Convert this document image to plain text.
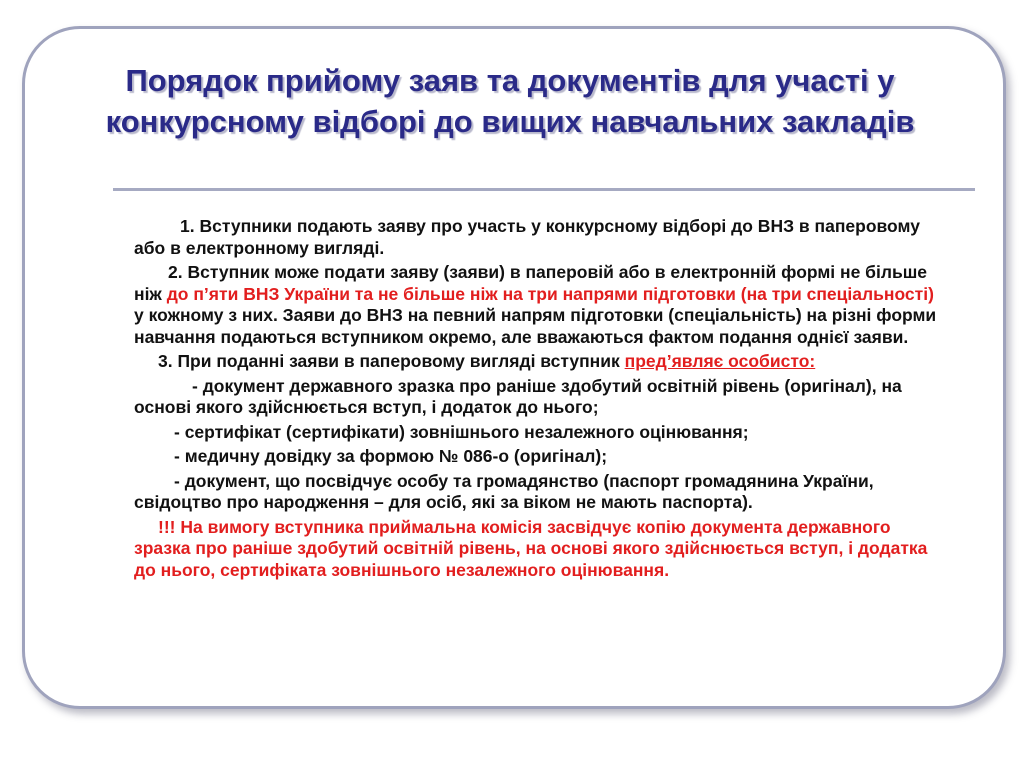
Порядок прийому заяв та документів для участі у конкурсному відборі до вищих навчальних закладів

1. Вступники подають заяву про участь у конкурсному відборі до ВНЗ в паперовому або в електронному вигляді.

2. Вступник може подати заяву (заяви) в паперовій або в електронній формі не більше ніж до п’яти ВНЗ України та не більше ніж на три напрями підготовки (на три спеціальності) у кожному з них. Заяви до ВНЗ на певний напрям підготовки (спеціальність) на різні форми навчання подаються вступником окремо, але вважаються фактом подання однієї заяви.

3. При поданні заяви в паперовому вигляді вступник пред’являє особисто:

- документ державного зразка про раніше здобутий освітній рівень (оригінал), на основі якого здійснюється вступ, і додаток до нього;

- сертифікат (сертифікати) зовнішнього незалежного оцінювання;

- медичну довідку за формою № 086-о (оригінал);

- документ, що посвідчує особу та громадянство (паспорт громадянина України, свідоцтво про народження – для осіб, які за віком не мають паспорта).

!!! На вимогу вступника приймальна комісія засвідчує копію документа державного зразка про раніше здобутий освітній рівень, на основі якого здійснюється вступ, і додатка до нього, сертифіката зовнішнього незалежного оцінювання.
